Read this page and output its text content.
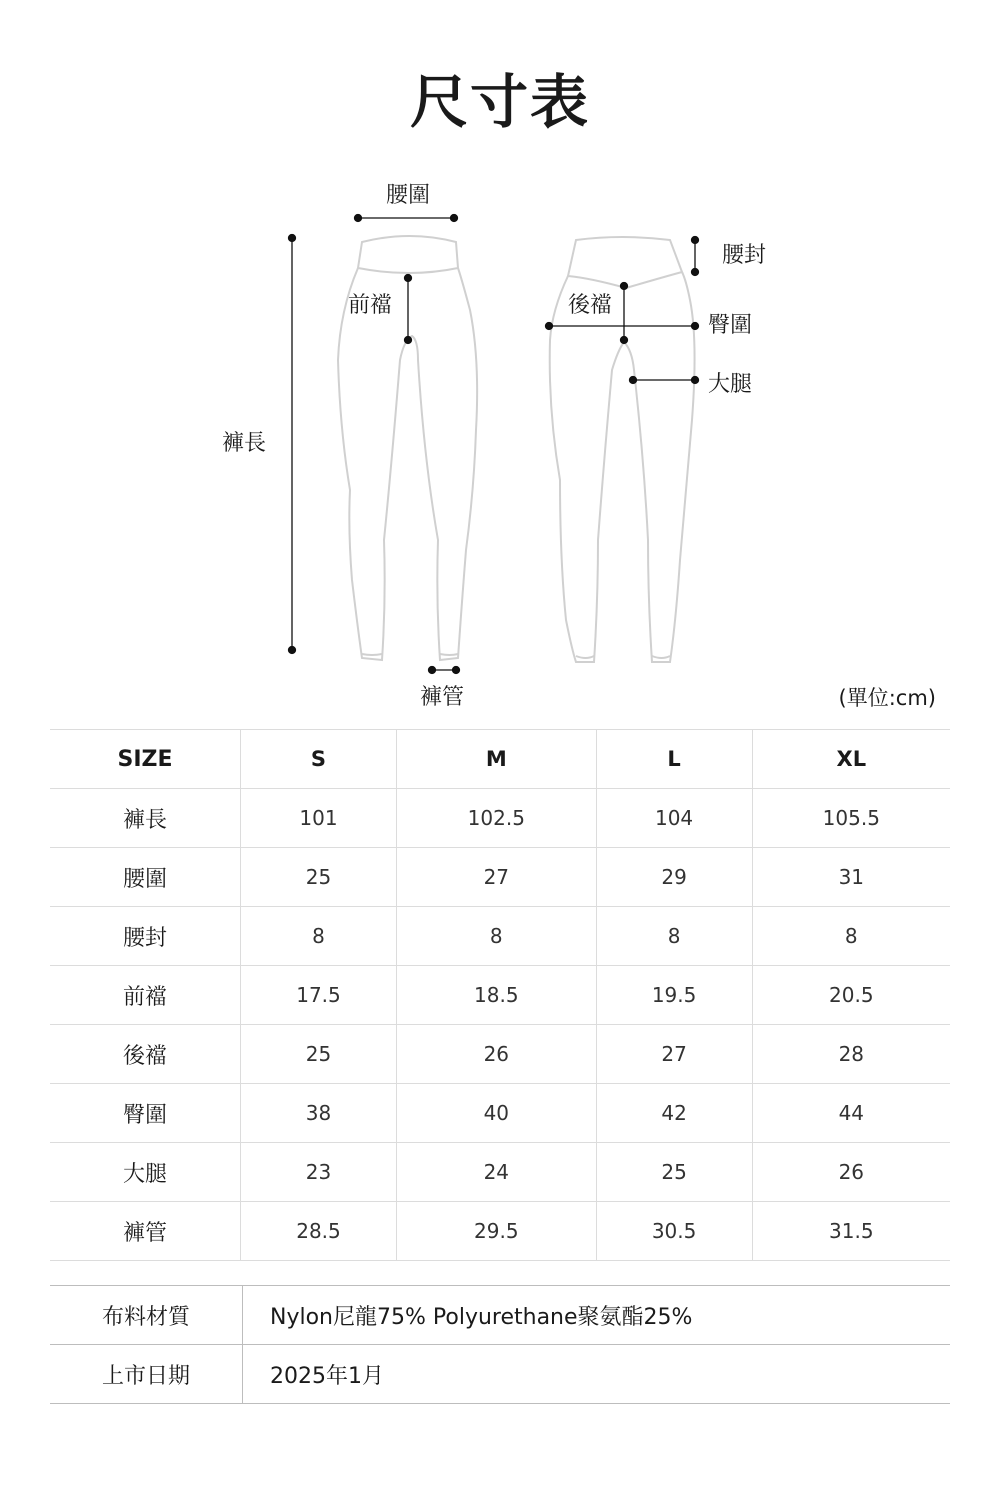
尺寸表
腰圍
腰封
前襠	後襠
臀圍
大腿
褲長
褲管	(單位:cm)
SIZE	S	M	L	XL
褲長	101	102.5	104	105.5
腰圍	25	27	29	31
腰封	8	8	8	8
前襠	17.5	18.5	19.5	20.5
後襠	25	26	27	28
臀圍	38	40	42	44
大腿	23	24	25	26
褲管	28.5	29.5	30.5	31.5
布料材質	Nylon尼龍75% Polyurethane聚氨酯25%
上市日期	2025年1月
